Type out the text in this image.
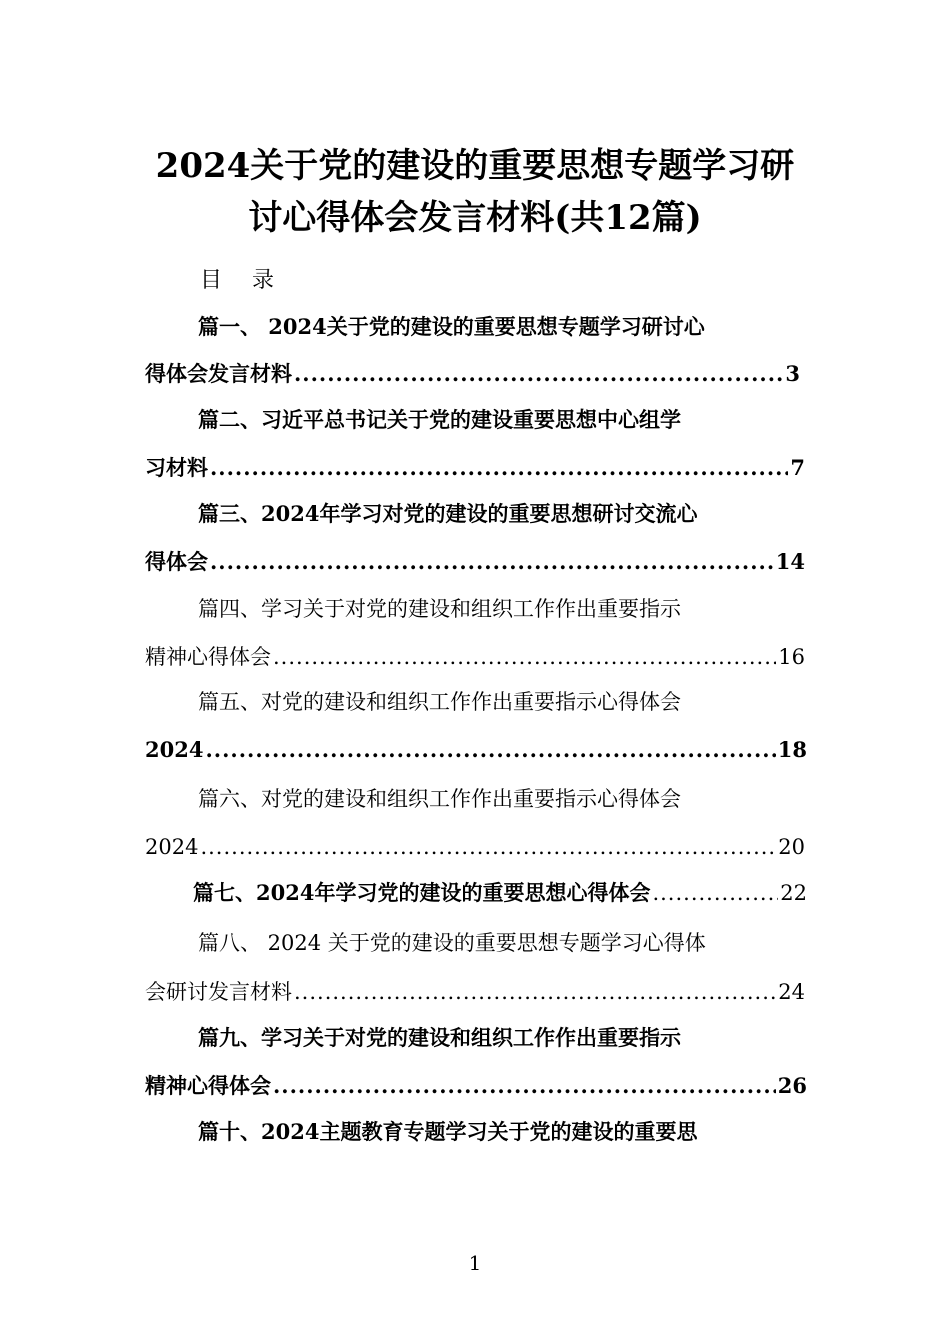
2024关于党的建设的重要思想专题学习研
讨心得体会发言材料(共12篇)
目录
篇一、 2024关于党的建设的重要思想专题学习研讨心
得体会发言材料 .....	3
篇二、习近平总书记关于党的建设重要思想中心组学
习材料 .....	7
篇三、2024年学习对党的建设的重要思想研讨交流心
得体会 .....	14
篇四、学习关于对党的建设和组织工作作出重要指示
精神心得体会 .....	16
篇五、对党的建设和组织工作作出重要指示心得体会
2024 .....	18
篇六、对党的建设和组织工作作出重要指示心得体会
2024 .....	20
篇七、2024年学习党的建设的重要思想心得体会 .....	22
篇八、 2024 关于党的建设的重要思想专题学习心得体
会研讨发言材料 .....	24
篇九、学习关于对党的建设和组织工作作出重要指示
精神心得体会 .....	26
篇十、2024主题教育专题学习关于党的建设的重要思
1
